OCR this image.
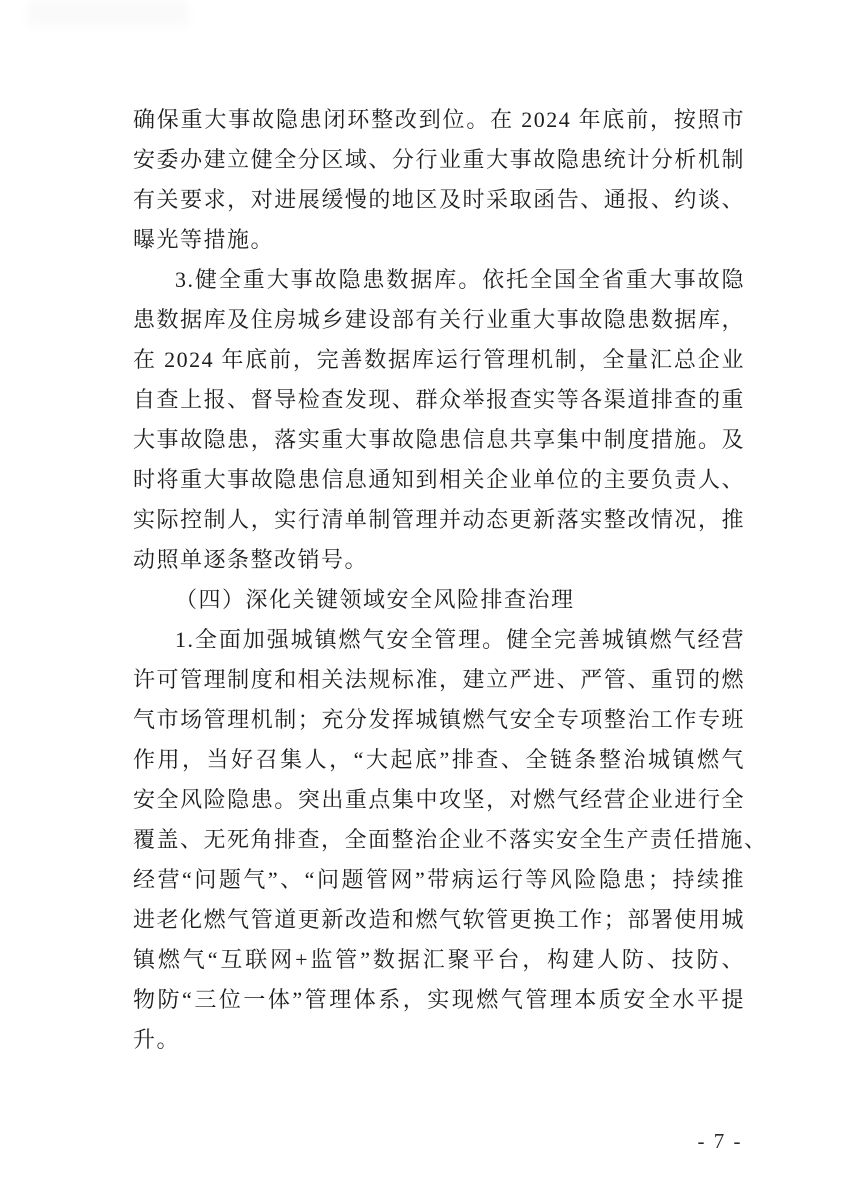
确保重大事故隐患闭环整改到位。在 2024 年底前，按照市
安委办建立健全分区域、分行业重大事故隐患统计分析机制
有关要求，对进展缓慢的地区及时采取函告、通报、约谈、
曝光等措施。
3.健全重大事故隐患数据库。依托全国全省重大事故隐
患数据库及住房城乡建设部有关行业重大事故隐患数据库，
在 2024 年底前，完善数据库运行管理机制，全量汇总企业
自查上报、督导检查发现、群众举报查实等各渠道排查的重
大事故隐患，落实重大事故隐患信息共享集中制度措施。及
时将重大事故隐患信息通知到相关企业单位的主要负责人、
实际控制人，实行清单制管理并动态更新落实整改情况，推
动照单逐条整改销号。
（四）深化关键领域安全风险排查治理
1.全面加强城镇燃气安全管理。健全完善城镇燃气经营
许可管理制度和相关法规标准，建立严进、严管、重罚的燃
气市场管理机制；充分发挥城镇燃气安全专项整治工作专班
作用，当好召集人，“大起底”排查、全链条整治城镇燃气
安全风险隐患。突出重点集中攻坚，对燃气经营企业进行全
覆盖、无死角排查，全面整治企业不落实安全生产责任措施、
经营“问题气”、“问题管网”带病运行等风险隐患；持续推
进老化燃气管道更新改造和燃气软管更换工作；部署使用城
镇燃气“互联网+监管”数据汇聚平台，构建人防、技防、
物防“三位一体”管理体系，实现燃气管理本质安全水平提
升。
- 7 -
